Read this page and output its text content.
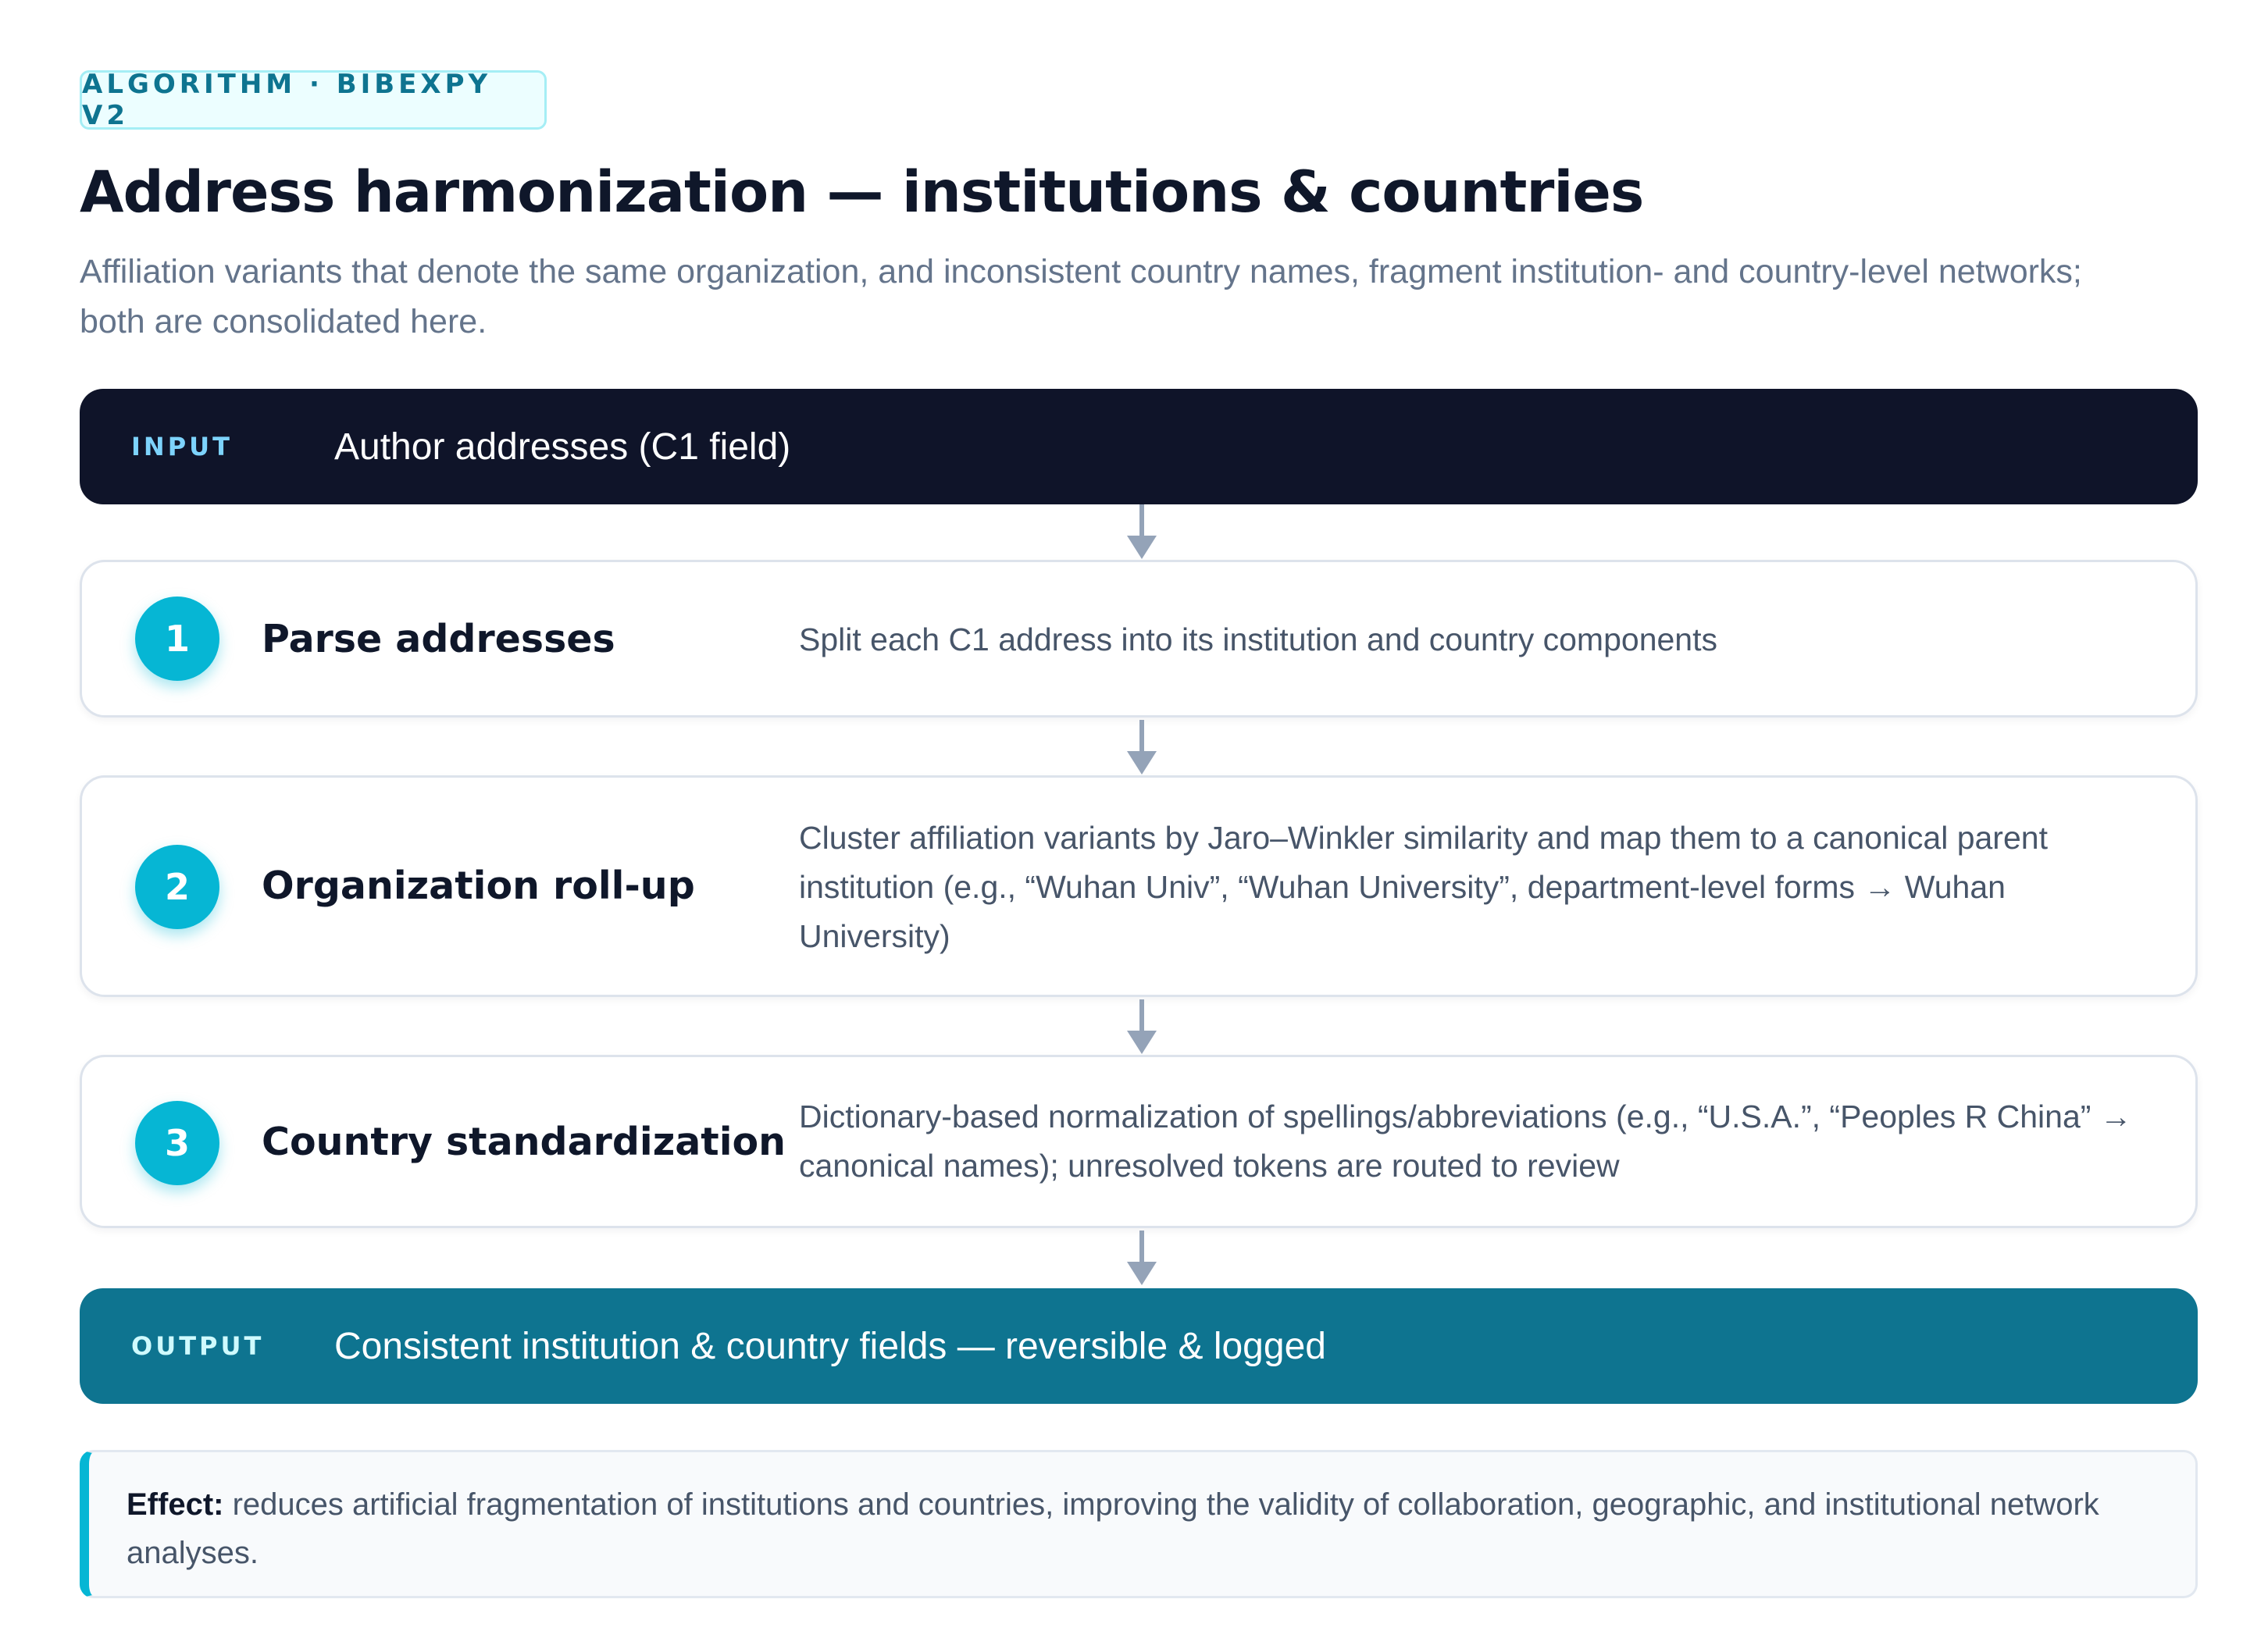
ALGORITHM · BIBEXPY V2
Address harmonization — institutions & countries
Affiliation variants that denote the same organization, and inconsistent country names, fragment institution- and country-level networks; both are consolidated here.
INPUT	Author addresses (C1 field)
1	Parse addresses	Split each C1 address into its institution and country components
2	Organization roll-up
Cluster affiliation variants by Jaro–Winkler similarity and map them to a canonical parent institution (e.g., “Wuhan Univ”, “Wuhan University”, department-level forms → Wuhan University)
3	Country standardization
Dictionary-based normalization of spellings/abbreviations (e.g., “U.S.A.”, “Peoples R China” → canonical names); unresolved tokens are routed to review
OUTPUT Consistent institution & country fields — reversible & logged

Effect: reduces artificial fragmentation of institutions and countries, improving the validity of collaboration, geographic, and institutional network analyses.
